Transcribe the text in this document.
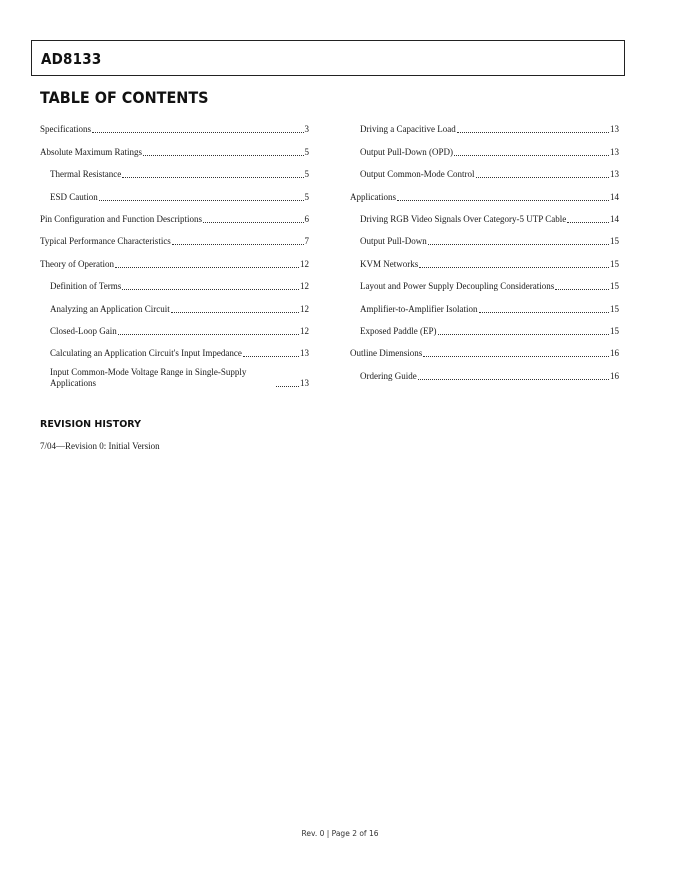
AD8133
TABLE OF CONTENTS
Specifications	3
Absolute Maximum Ratings	5
Thermal Resistance	5
ESD Caution	5
Pin Configuration and Function Descriptions	6
Typical Performance Characteristics	7
Theory of Operation	12
Definition of Terms	12
Analyzing an Application Circuit	12
Closed-Loop Gain	12
Calculating an Application Circuit's Input Impedance	13
Input Common-Mode Voltage Range in Single-Supply Applications	13
Driving a Capacitive Load	13
Output Pull-Down (OPD)	13
Output Common-Mode Control	13
Applications	14
Driving RGB Video Signals Over Category-5 UTP Cable	14
Output Pull-Down	15
KVM Networks	15
Layout and Power Supply Decoupling Considerations	15
Amplifier-to-Amplifier Isolation	15
Exposed Paddle (EP)	15
Outline Dimensions	16
Ordering Guide	16
REVISION HISTORY
7/04—Revision 0: Initial Version
Rev. 0 | Page 2 of 16
